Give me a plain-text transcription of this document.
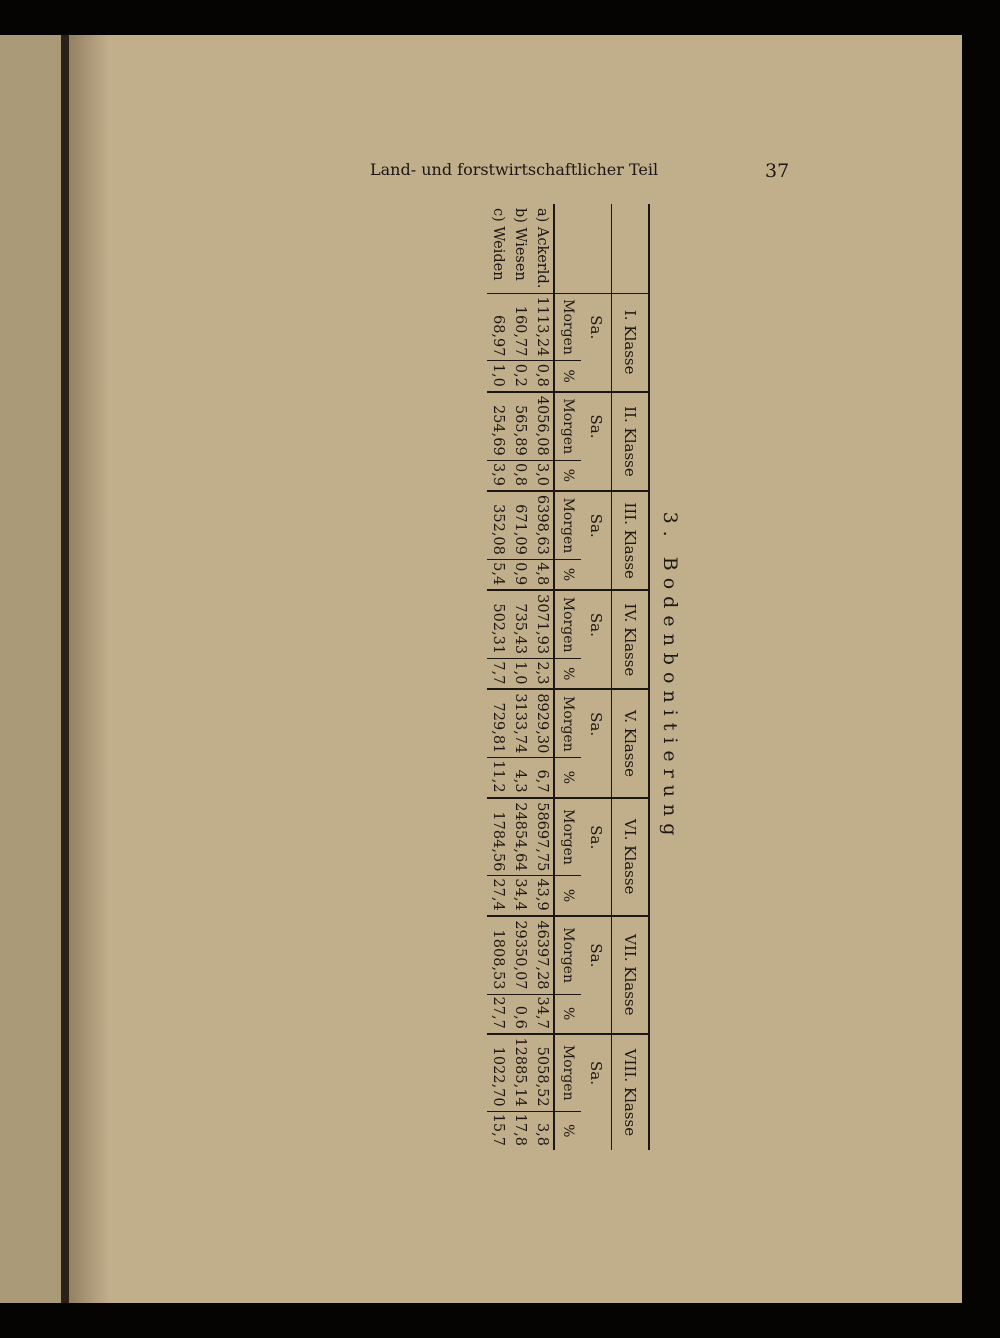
Land- und forstwirtschaftlicher Teil	37
3. Bodenbonitierung
	I. Klasse		II. Klasse		III. Klasse		IV. Klasse		V. Klasse		VI. Klasse		VII. Klasse		VIII. Klasse	
	Sa.		Sa.		Sa.		Sa.		Sa.		Sa.		Sa.		Sa.	
	Morgen	%	Morgen	%	Morgen	%	Morgen	%	Morgen	%	Morgen	%	Morgen	%	Morgen	%
a) Ackerld.	1113,24	0,8	4056,08	3,0	6398,63	4,8	3071,93	2,3	8929,30	6,7	58697,75	43,9	46397,28	34,7	5058,52	3,8
b) Wiesen	160,77	0,2	565,89	0,8	671,09	0,9	735,43	1,0	3133,74	4,3	24854,64	34,4	29350,07	0,6	12885,14	17,8
c) Weiden	68,97	1,0	254,69	3,9	352,08	5,4	502,31	7,7	729,81	11,2	1784,56	27,4	1808,53	27,7	1022,70	15,7
